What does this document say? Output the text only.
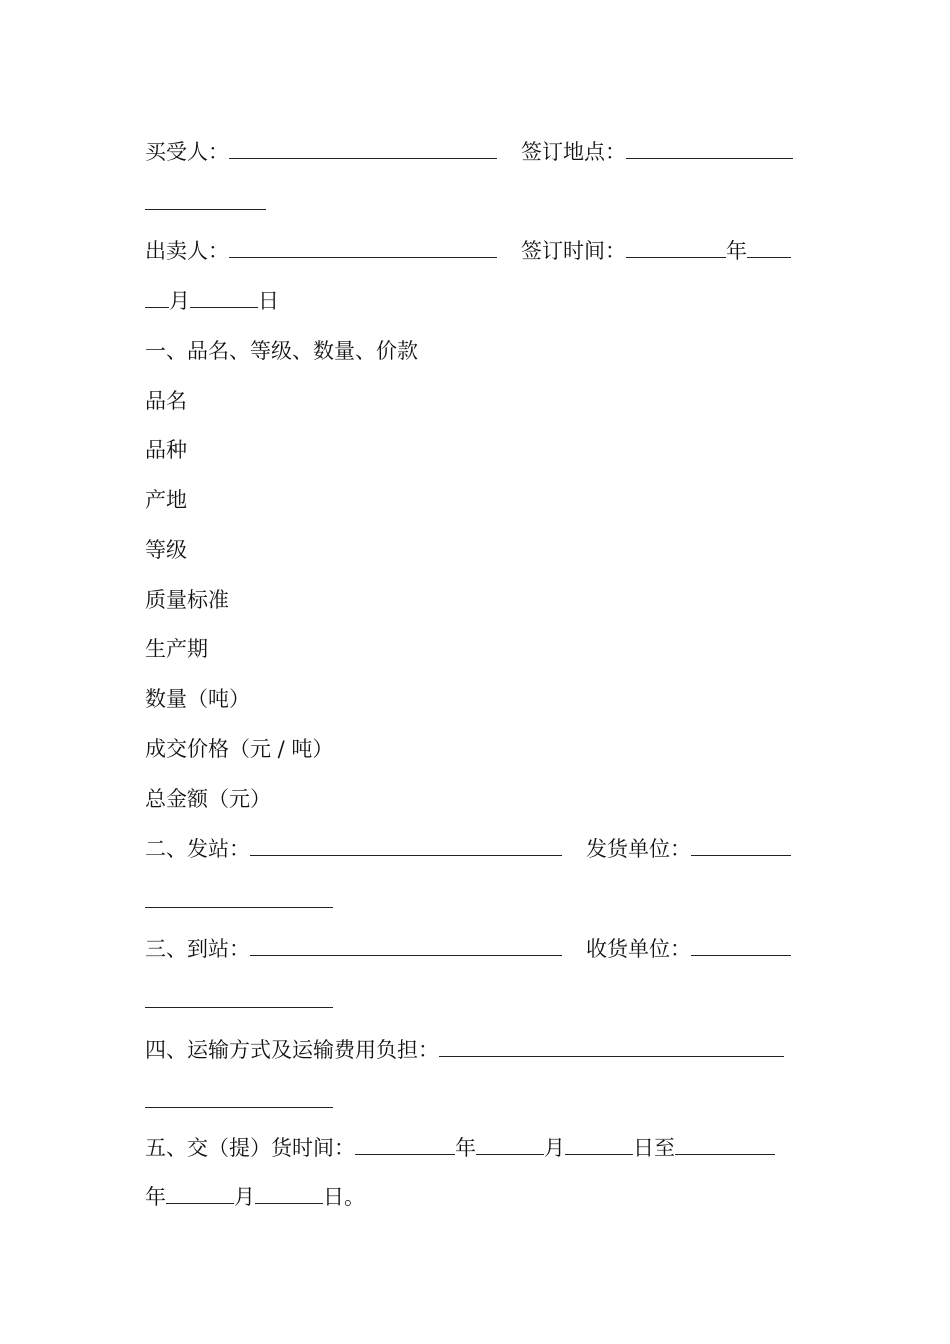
买受人：	签订地点：
出卖人：	签订时间：	年
月	日
一、品名、等级、数量、价款
品名
品种
产地
等级
质量标准
生产期
数量（吨）
成交价格（元 / 吨）
总金额（元）
二、发站：	发货单位：
三、到站：	收货单位：
四、运输方式及运输费用负担：
五、交（提）货时间：	年	月	日至
年	月	日。
